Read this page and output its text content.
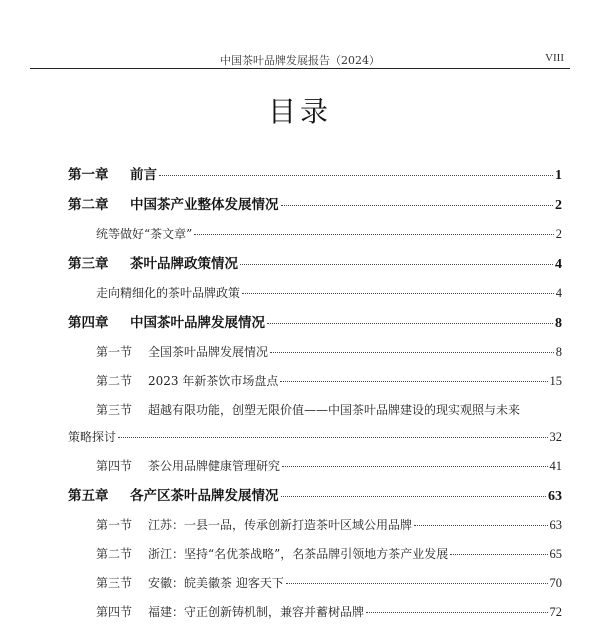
中国茶叶品牌发展报告（2024）	VIII
目录
第一章 前言	1
第二章 中国茶产业整体发展情况	2
统等做好“茶文章”	2
第三章 茶叶品牌政策情况	4
走向精细化的茶叶品牌政策	4
第四章 中国茶叶品牌发展情况	8
第一节 全国茶叶品牌发展情况	8
第二节 2023 年新茶饮市场盘点	15
第三节 超越有限功能，创塑无限价值——中国茶叶品牌建设的现实观照与未来
策略探讨	32
第四节 茶公用品牌健康管理研究	41
第五章 各产区茶叶品牌发展情况	63
第一节 江苏：一县一品，传承创新打造茶叶区域公用品牌	63
第二节 浙江：坚持“名优茶战略”，名茶品牌引领地方茶产业发展	65
第三节 安徽：皖美徽茶 迎客天下	70
第四节 福建：守正创新铸机制，兼容并蓄树品牌	72
